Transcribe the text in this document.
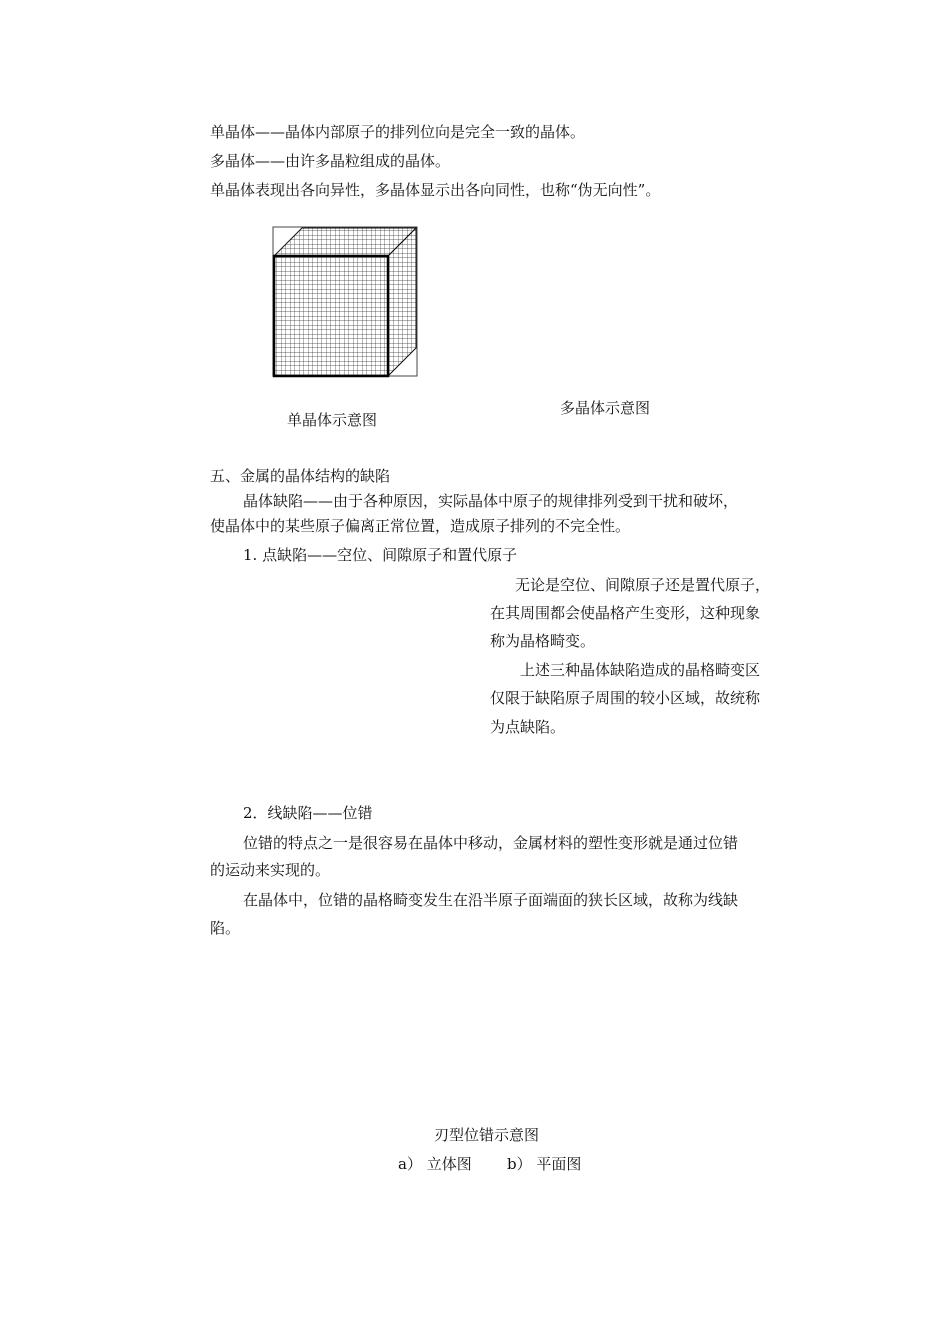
单晶体——晶体内部原子的排列位向是完全一致的晶体。
多晶体——由许多晶粒组成的晶体。
单晶体表现出各向异性，多晶体显示出各向同性，也称“伪无向性”。
单晶体示意图
多晶体示意图
五、金属的晶体结构的缺陷
晶体缺陷——由于各种原因，实际晶体中原子的规律排列受到干扰和破坏，
使晶体中的某些原子偏离正常位置，造成原子排列的不完全性。
1. 点缺陷——空位、间隙原子和置代原子
无论是空位、间隙原子还是置代原子，
在其周围都会使晶格产生变形，这种现象
称为晶格畸变。
上述三种晶体缺陷造成的晶格畸变区
仅限于缺陷原子周围的较小区域，故统称
为点缺陷。
2．线缺陷——位错
位错的特点之一是很容易在晶体中移动，金属材料的塑性变形就是通过位错
的运动来实现的。
在晶体中，位错的晶格畸变发生在沿半原子面端面的狭长区域，故称为线缺
陷。
刃型位错示意图
a） 立体图 b） 平面图
